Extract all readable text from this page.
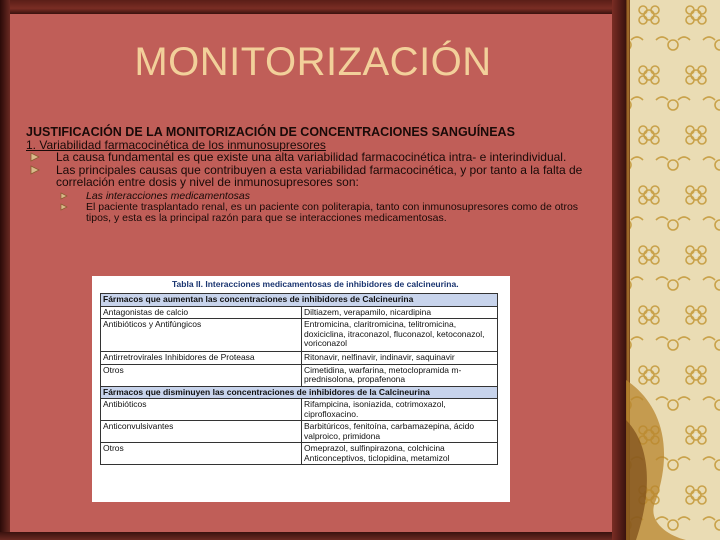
MONITORIZACIÓN
JUSTIFICACIÓN DE LA MONITORIZACIÓN DE CONCENTRACIONES SANGUÍNEAS
1. Variabilidad farmacocinética de los inmunosupresores
La causa fundamental es que existe una alta variabilidad farmacocinética intra- e interindividual.
Las principales causas que contribuyen a esta variabilidad farmacocinética, y por tanto a la falta de correlación entre dosis y nivel de inmunosupresores son:
Las interacciones medicamentosas
El paciente trasplantado renal, es un paciente con politerapia, tanto con inmunosupresores como de otros tipos, y esta es la principal razón para que se interacciones medicamentosas.
Tabla II. Interacciones medicamentosas de inhibidores de calcineurina.
Fármacos que aumentan las concentraciones de inhibidores de Calcineurina	
Antagonistas de calcio	Diltiazem, verapamilo, nicardipina
Antibióticos y Antifúngicos	Entromicina, claritromicina, telitromicina, doxiciclina, itraconazol, fluconazol, ketoconazol, voriconazol
Antirretrovirales Inhibidores de Proteasa	Ritonavir, nelfinavir, indinavir, saquinavir
Otros	Cimetidina, warfarina, metoclopramida m-prednisolona, propafenona
Fármacos que disminuyen las concentraciones de inhibidores de la Calcineurina	
Antibióticos	Rifampicina, isoniazida, cotrimoxazol, ciprofloxacino.
Anticonvulsivantes	Barbitúricos, fenitoína, carbamazepina, ácido valproico, primidona
Otros	Omeprazol, sulfinpirazona, colchicina Anticonceptivos, ticlopidina, metamizol
